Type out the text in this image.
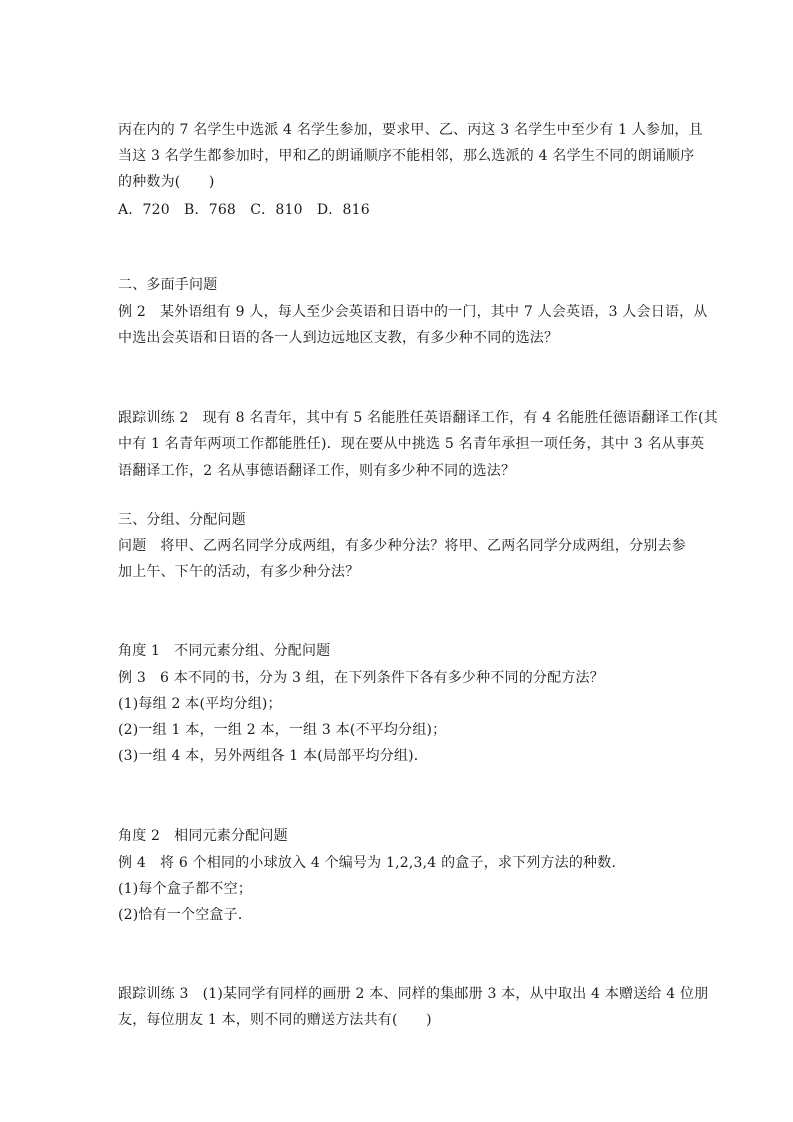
丙在内的 7 名学生中选派 4 名学生参加，要求甲、乙、丙这 3 名学生中至少有 1 人参加，且
当这 3 名学生都参加时，甲和乙的朗诵顺序不能相邻，那么选派的 4 名学生不同的朗诵顺序
的种数为(　　)
A．720　B．768　C．810　D．816
二、多面手问题
例 2 某外语组有 9 人，每人至少会英语和日语中的一门，其中 7 人会英语，3 人会日语，从
中选出会英语和日语的各一人到边远地区支教，有多少种不同的选法？
跟踪训练 2 现有 8 名青年，其中有 5 名能胜任英语翻译工作，有 4 名能胜任德语翻译工作(其
中有 1 名青年两项工作都能胜任)．现在要从中挑选 5 名青年承担一项任务，其中 3 名从事英
语翻译工作，2 名从事德语翻译工作，则有多少种不同的选法？
三、分组、分配问题
问题 将甲、乙两名同学分成两组，有多少种分法？将甲、乙两名同学分成两组，分别去参
加上午、下午的活动，有多少种分法？
角度 1 不同元素分组、分配问题
例 3 6 本不同的书，分为 3 组，在下列条件下各有多少种不同的分配方法？
(1)每组 2 本(平均分组)；
(2)一组 1 本，一组 2 本，一组 3 本(不平均分组)；
(3)一组 4 本，另外两组各 1 本(局部平均分组)．
角度 2 相同元素分配问题
例 4 将 6 个相同的小球放入 4 个编号为 1,2,3,4 的盒子，求下列方法的种数．
(1)每个盒子都不空；
(2)恰有一个空盒子．
跟踪训练 3 (1)某同学有同样的画册 2 本、同样的集邮册 3 本，从中取出 4 本赠送给 4 位朋
友，每位朋友 1 本，则不同的赠送方法共有(　　)
